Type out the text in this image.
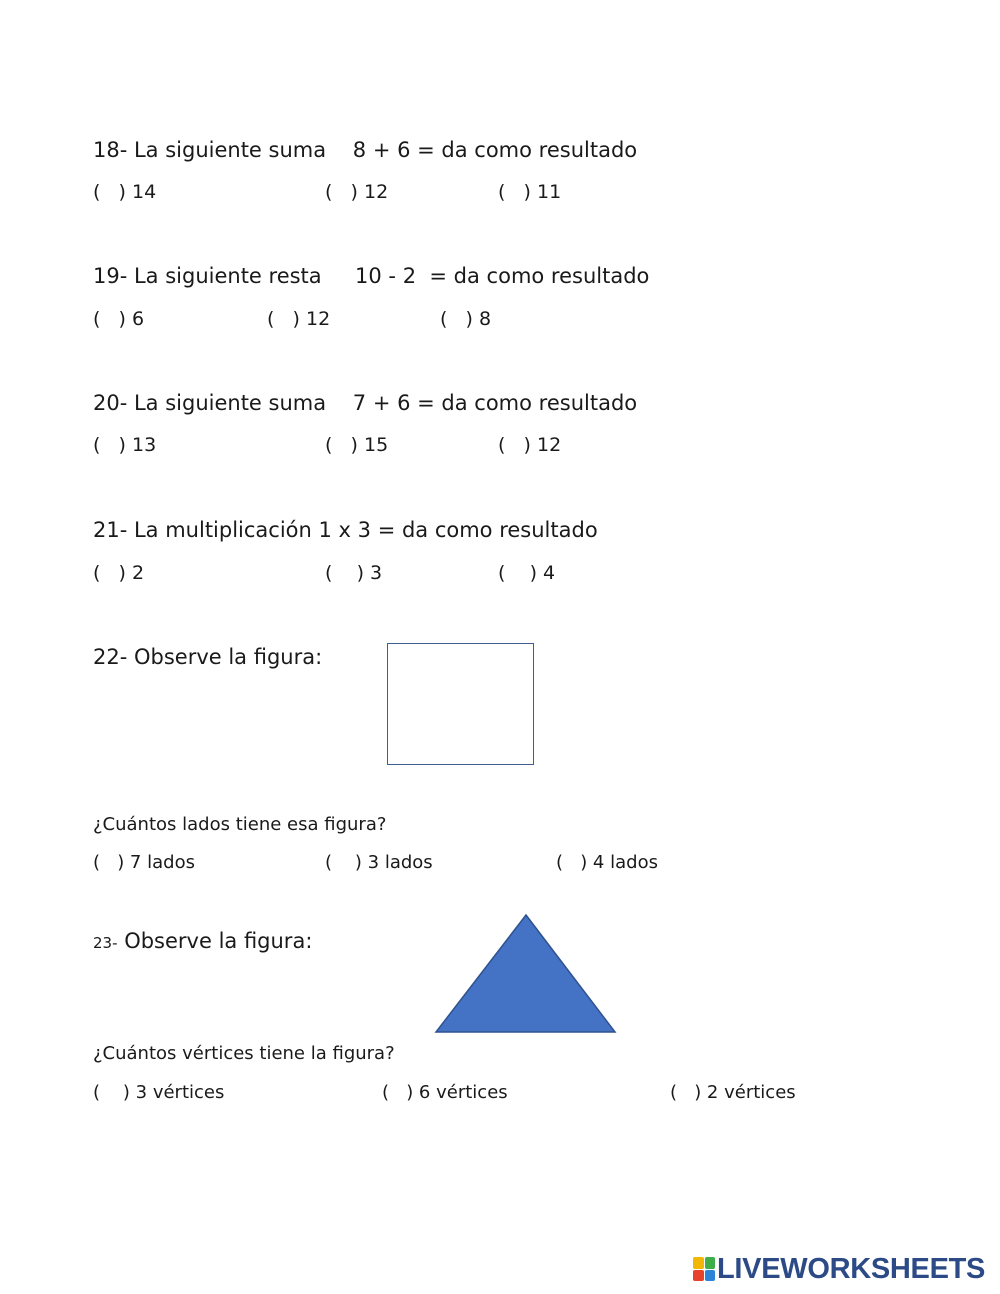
18- La siguiente suma    8 + 6 = da como resultado
(   ) 14	(   ) 12	(   ) 11
19- La siguiente resta     10 - 2  = da como resultado
(   ) 6	(   ) 12	(   ) 8
20- La siguiente suma    7 + 6 = da como resultado
(   ) 13	(   ) 15	(   ) 12
21- La multiplicación 1 x 3 = da como resultado
(   ) 2	(    ) 3	(    ) 4
22- Observe la figura:
¿Cuántos lados tiene esa figura?
(   ) 7 lados	(    ) 3 lados	(   ) 4 lados
23- Observe la figura:
¿Cuántos vértices tiene la figura?
(    ) 3 vértices	(   ) 6 vértices	(   ) 2 vértices
LIVEWORKSHEETS
